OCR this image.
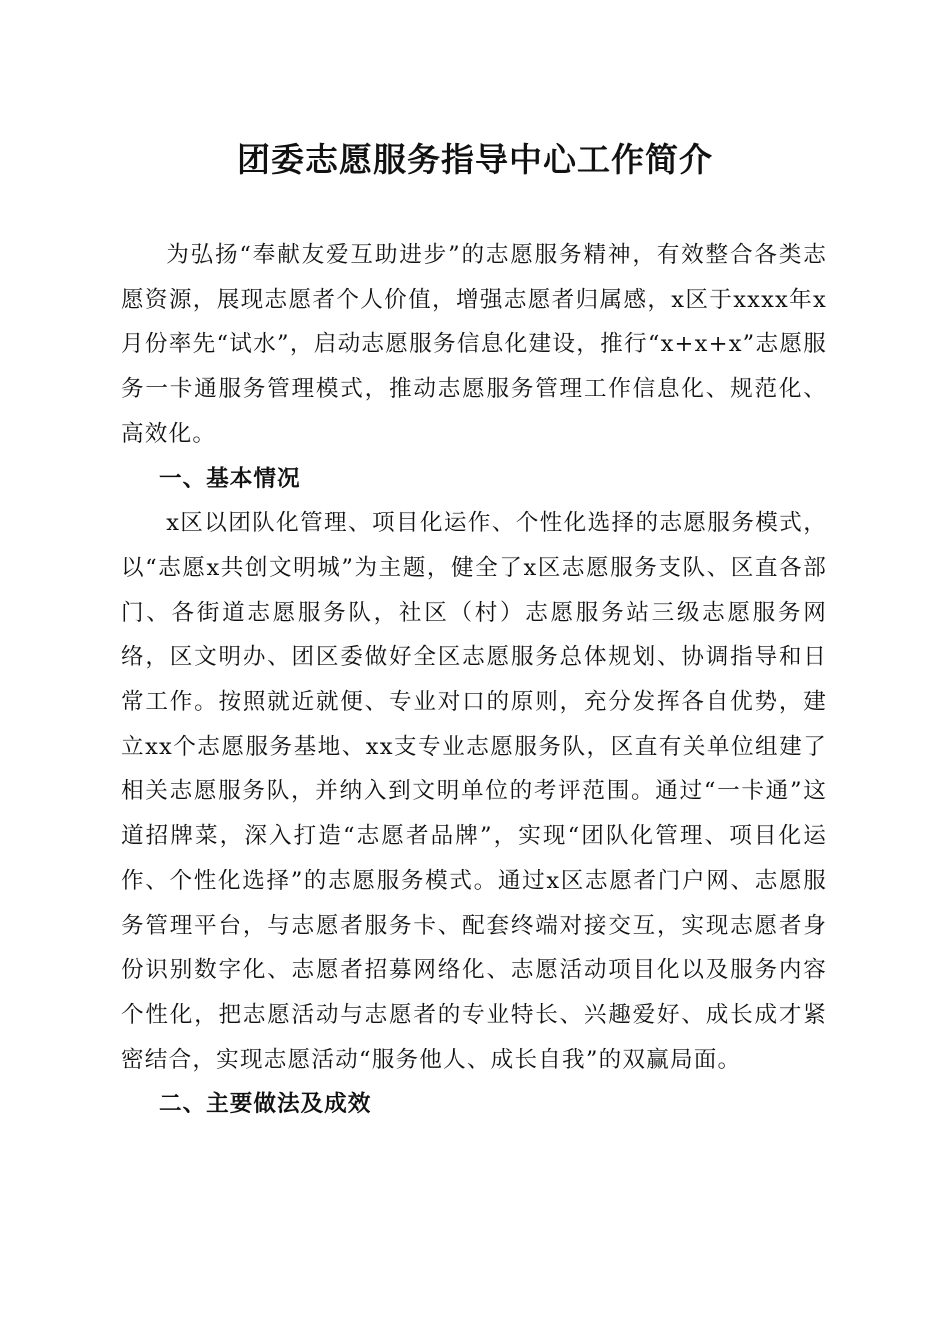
团委志愿服务指导中心工作简介

为弘扬“奉献友爱互助进步”的志愿服务精神，有效整合各类志愿资源，展现志愿者个人价值，增强志愿者归属感，x区于xxxx年x月份率先“试水”，启动志愿服务信息化建设，推行“x+x+x”志愿服务一卡通服务管理模式，推动志愿服务管理工作信息化、规范化、高效化。

一、基本情况

x区以团队化管理、项目化运作、个性化选择的志愿服务模式，以“志愿x共创文明城”为主题，健全了x区志愿服务支队、区直各部门、各街道志愿服务队，社区（村）志愿服务站三级志愿服务网络，区文明办、团区委做好全区志愿服务总体规划、协调指导和日常工作。按照就近就便、专业对口的原则，充分发挥各自优势，建立xx个志愿服务基地、xx支专业志愿服务队，区直有关单位组建了相关志愿服务队，并纳入到文明单位的考评范围。通过“一卡通”这道招牌菜，深入打造“志愿者品牌”，实现“团队化管理、项目化运作、个性化选择”的志愿服务模式。通过x区志愿者门户网、志愿服务管理平台，与志愿者服务卡、配套终端对接交互，实现志愿者身份识别数字化、志愿者招募网络化、志愿活动项目化以及服务内容个性化，把志愿活动与志愿者的专业特长、兴趣爱好、成长成才紧密结合，实现志愿活动“服务他人、成长自我”的双赢局面。

二、主要做法及成效
